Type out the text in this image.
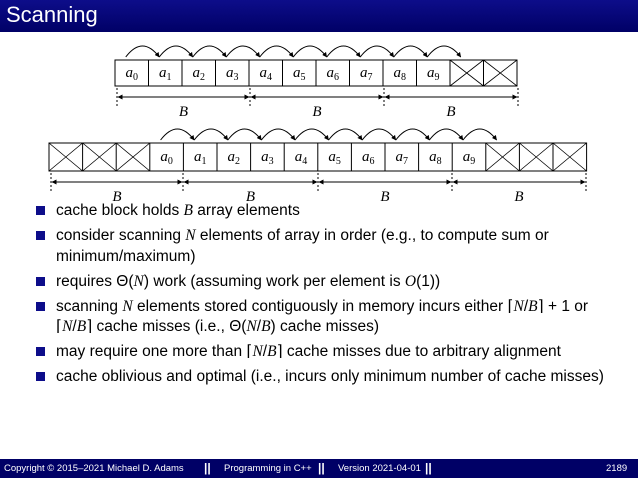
Scanning
$a_0$ $a_1$ $a_2$ $a_3$ $a_4$ $a_5$ $a_6$ $a_7$ $a_8$ $a_9$
B	B	B
$a_0$ $a_1$ $a_2$ $a_3$ $a_4$ $a_5$ $a_6$ $a_7$ $a_8$ $a_9$
B	B	B	B
cache block holds B array elements
consider scanning N elements of array in order (e.g., to compute sum or minimum/maximum)
requires Θ(N) work (assuming work per element is O(1))
scanning N elements stored contiguously in memory incurs either ⌈N/B⌉ + 1 or ⌈N/B⌉ cache misses (i.e., Θ(N/B) cache misses)
may require one more than ⌈N/B⌉ cache misses due to arbitrary alignment
cache oblivious and optimal (i.e., incurs only minimum number of cache misses)
Copyright © 2015–2021 Michael D. Adams || Programming in C++ || Version 2021-04-01 ||	2189
